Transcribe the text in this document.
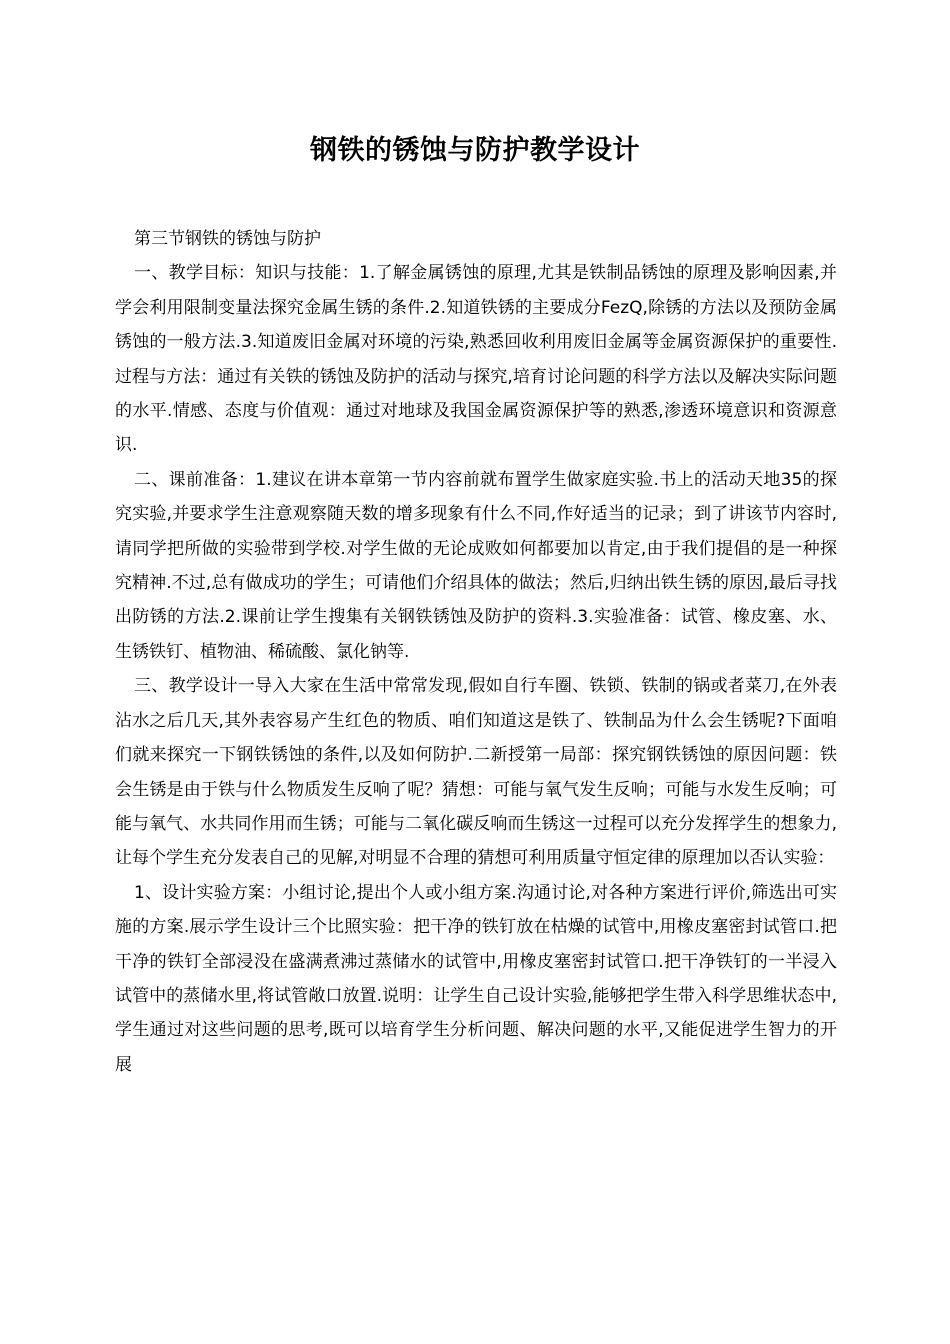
钢铁的锈蚀与防护教学设计

第三节钢铁的锈蚀与防护

一、教学目标：知识与技能：1.了解金属锈蚀的原理,尤其是铁制品锈蚀的原理及影响因素,并学会利用限制变量法探究金属生锈的条件.2.知道铁锈的主要成分FezQ,除锈的方法以及预防金属锈蚀的一般方法.3.知道废旧金属对环境的污染,熟悉回收利用废旧金属等金属资源保护的重要性.过程与方法：通过有关铁的锈蚀及防护的活动与探究,培育讨论问题的科学方法以及解决实际问题的水平.情感、态度与价值观：通过对地球及我国金属资源保护等的熟悉,渗透环境意识和资源意识.

二、课前准备：1.建议在讲本章第一节内容前就布置学生做家庭实验.书上的活动天地35的探究实验,并要求学生注意观察随天数的增多现象有什么不同,作好适当的记录；到了讲该节内容时,请同学把所做的实验带到学校.对学生做的无论成败如何都要加以肯定,由于我们提倡的是一种探究精神.不过,总有做成功的学生；可请他们介绍具体的做法；然后,归纳出铁生锈的原因,最后寻找出防锈的方法.2.课前让学生搜集有关钢铁锈蚀及防护的资料.3.实验准备：试管、橡皮塞、水、生锈铁钉、植物油、稀硫酸、氯化钠等.

三、教学设计一导入大家在生活中常常发现,假如自行车圈、铁锁、铁制的锅或者菜刀,在外表沾水之后几天,其外表容易产生红色的物质、咱们知道这是铁了、铁制品为什么会生锈呢?下面咱们就来探究一下钢铁锈蚀的条件,以及如何防护.二新授第一局部：探究钢铁锈蚀的原因问题：铁会生锈是由于铁与什么物质发生反响了呢？猜想：可能与氧气发生反响；可能与水发生反响；可能与氧气、水共同作用而生锈；可能与二氧化碳反响而生锈这一过程可以充分发挥学生的想象力,让每个学生充分发表自己的见解,对明显不合理的猜想可利用质量守恒定律的原理加以否认实验：

1、设计实验方案：小组讨论,提出个人或小组方案.沟通讨论,对各种方案进行评价,筛选出可实施的方案.展示学生设计三个比照实验：把干净的铁钉放在枯燥的试管中,用橡皮塞密封试管口.把干净的铁钉全部浸没在盛满煮沸过蒸储水的试管中,用橡皮塞密封试管口.把干净铁钉的一半浸入试管中的蒸储水里,将试管敞口放置.说明：让学生自己设计实验,能够把学生带入科学思维状态中,学生通过对这些问题的思考,既可以培育学生分析问题、解决问题的水平,又能促进学生智力的开展
